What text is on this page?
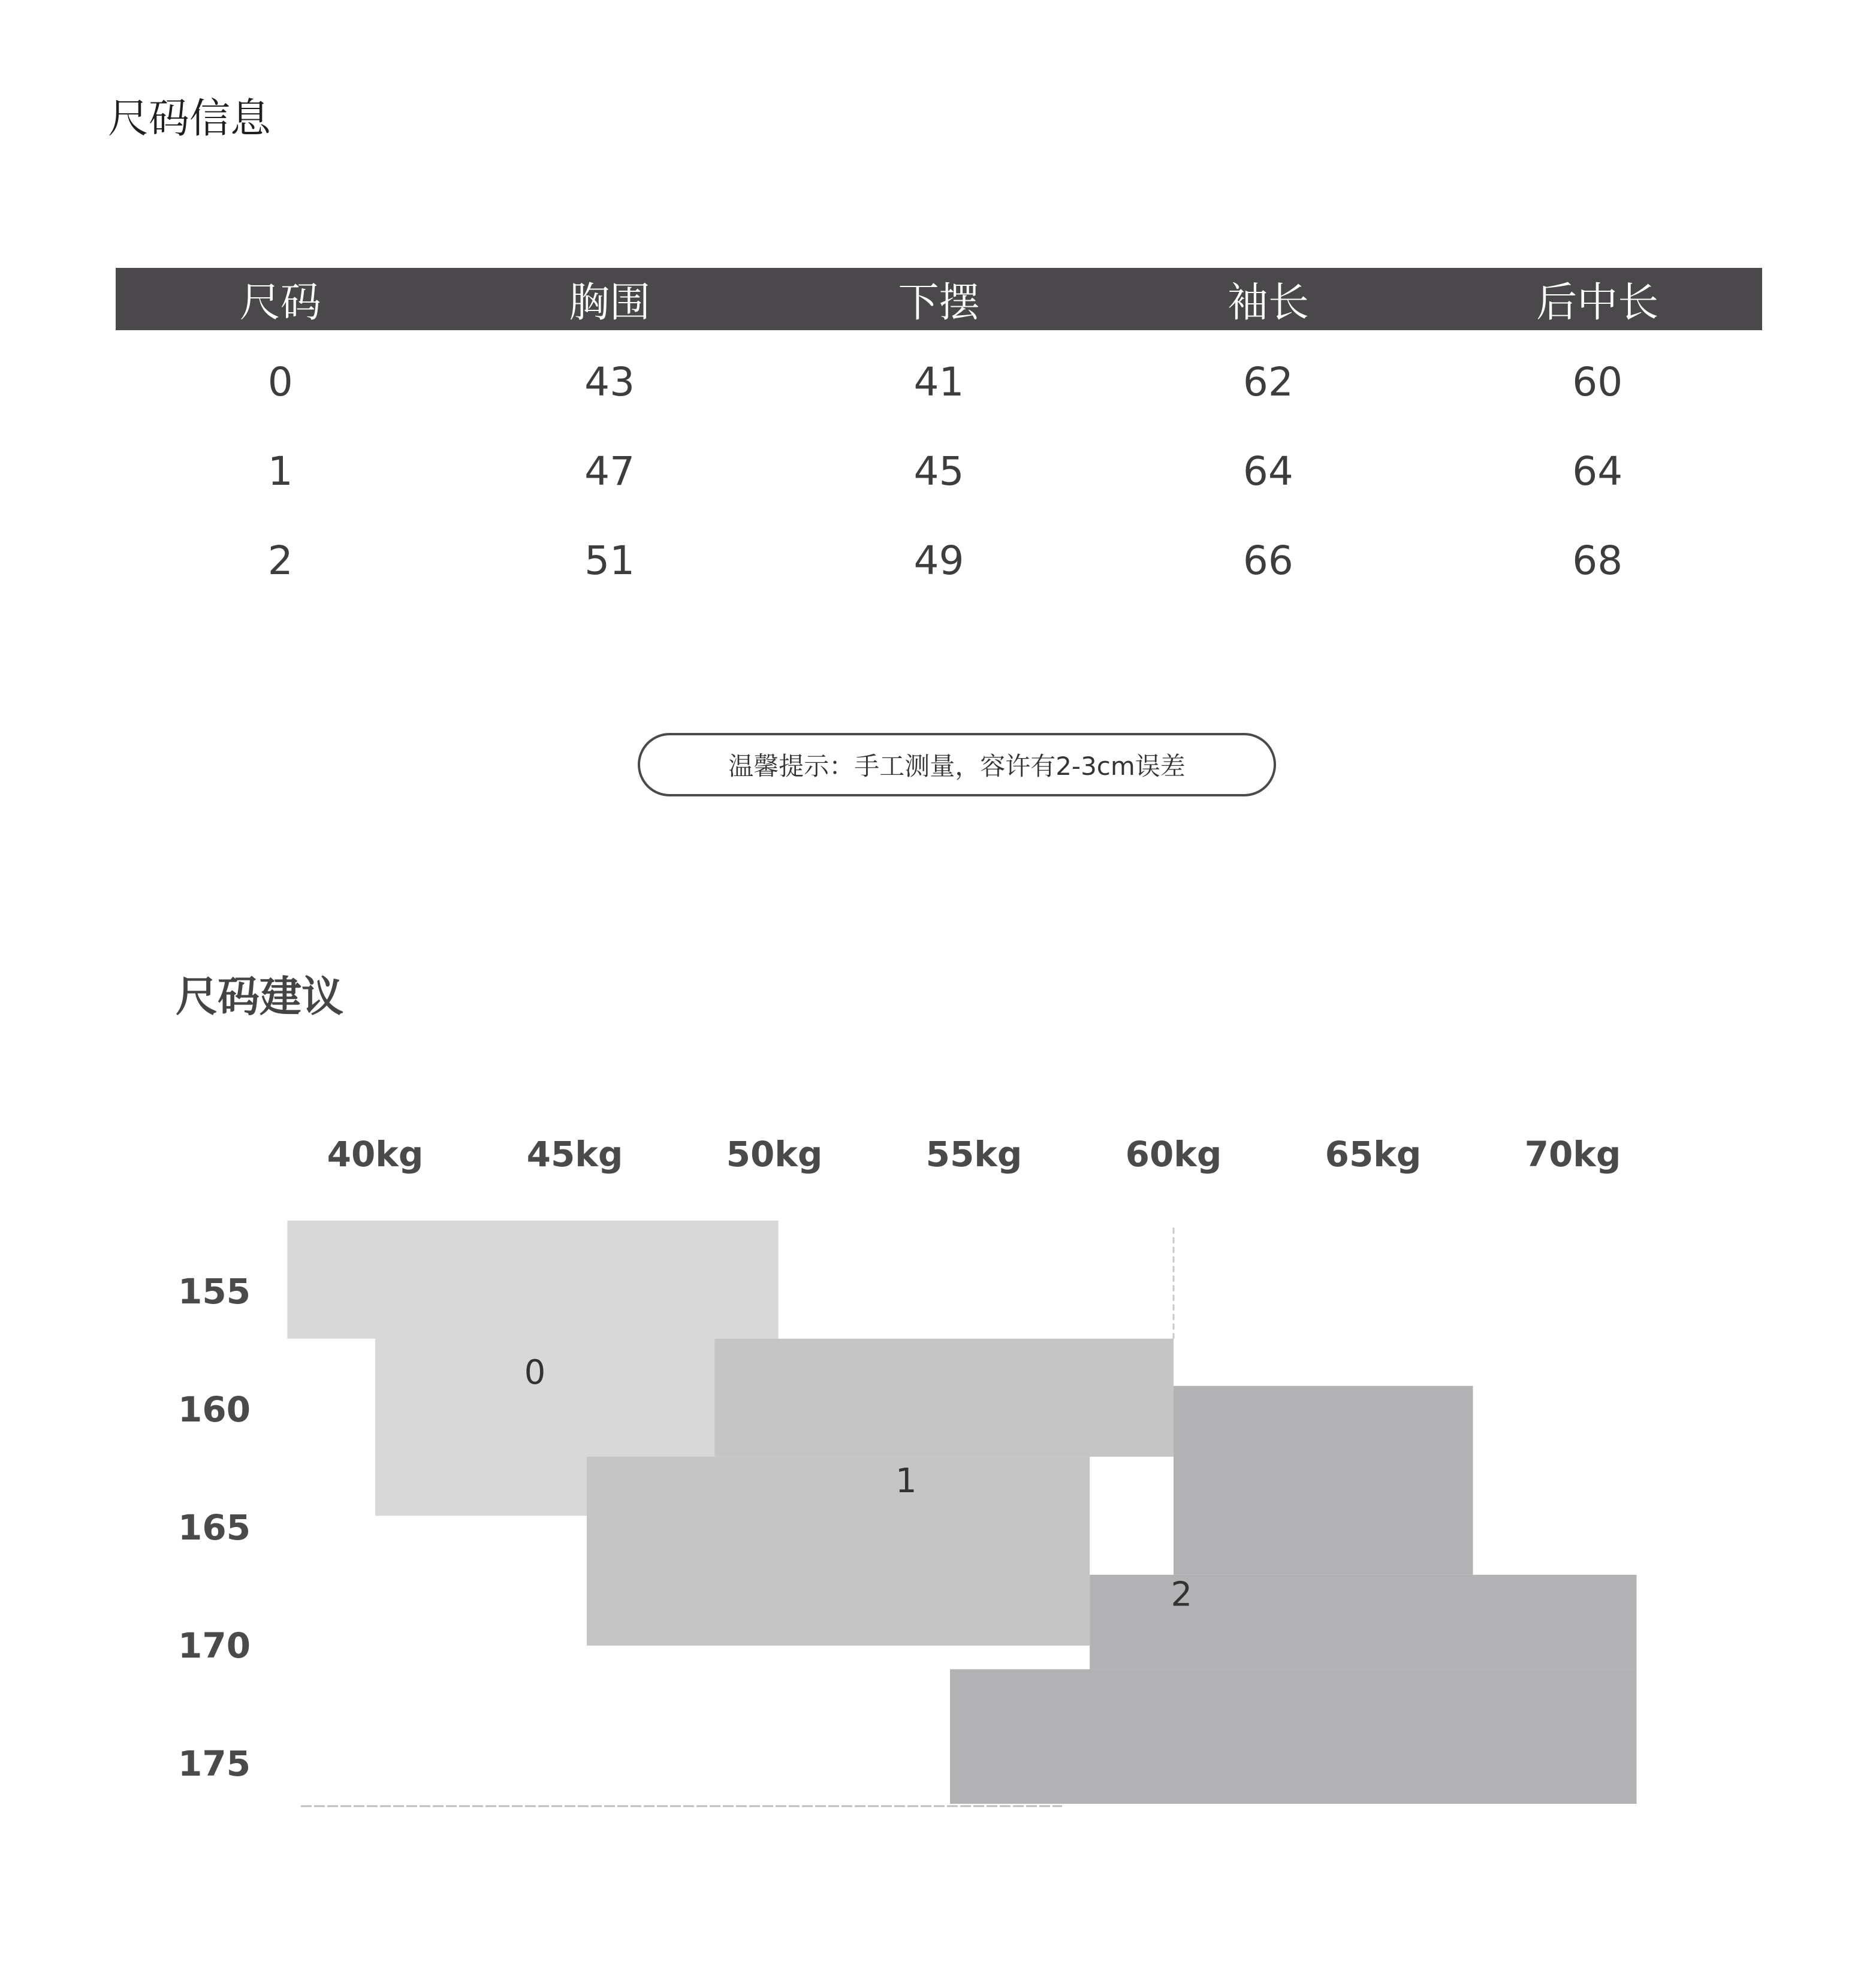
尺码信息
尺码	胸围	下摆	袖长	后中长
0	43	41	62	60
1	47	45	64	64
2	51	49	66	68
温馨提示：手工测量，容许有2-3cm误差
尺码建议
40kg	45kg	50kg	55kg	60kg	65kg	70kg
155
160
165
170
175
0
1
2
